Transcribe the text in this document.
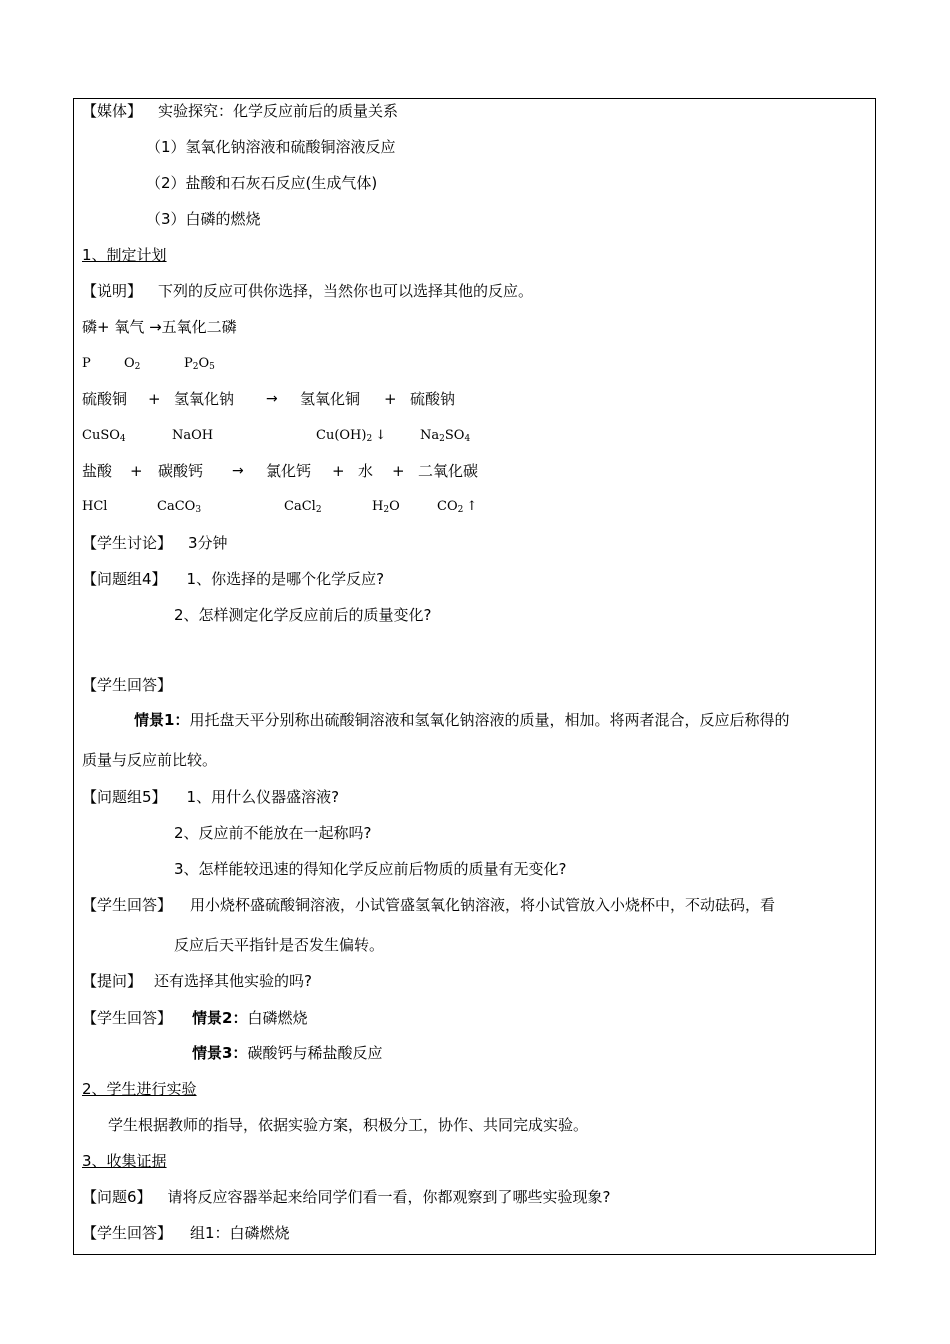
【媒体】 实验探究：化学反应前后的质量关系
（1）氢氧化钠溶液和硫酸铜溶液反应
（2）盐酸和石灰石反应(生成气体)
（3）白磷的燃烧
1、制定计划
【说明】 下列的反应可供你选择，当然你也可以选择其他的反应。
磷+ 氧气 →五氧化二磷
P	$O_2$	$P_2O_5$
硫酸铜 + 氢氧化钠 → 氢氧化铜 + 硫酸钠
CuSO$_4$	NaOH	$Cu(OH)_2$ ↓	$Na_2SO_4$
盐酸 + 碳酸钙 → 氯化钙 + 水 + 二氧化碳
HCl	CaCO$_3$	CaCl$_2$	$H_2O$	$CO_2$ ↑
【学生讨论】 3分钟
【问题组4】 1、你选择的是哪个化学反应?
2、怎样测定化学反应前后的质量变化?
【学生回答】
情景1：用托盘天平分别称出硫酸铜溶液和氢氧化钠溶液的质量，相加。将两者混合，反应后称得的
质量与反应前比较。
【问题组5】 1、用什么仪器盛溶液?
2、反应前不能放在一起称吗?
3、怎样能较迅速的得知化学反应前后物质的质量有无变化?
【学生回答】 用小烧杯盛硫酸铜溶液，小试管盛氢氧化钠溶液，将小试管放入小烧杯中，不动砝码，看
反应后天平指针是否发生偏转。
【提问】 还有选择其他实验的吗?
【学生回答】 情景2：白磷燃烧
情景3：碳酸钙与稀盐酸反应
2、学生进行实验
学生根据教师的指导，依据实验方案，积极分工，协作、共同完成实验。
3、收集证据
【问题6】 请将反应容器举起来给同学们看一看，你都观察到了哪些实验现象?
【学生回答】 组1：白磷燃烧
